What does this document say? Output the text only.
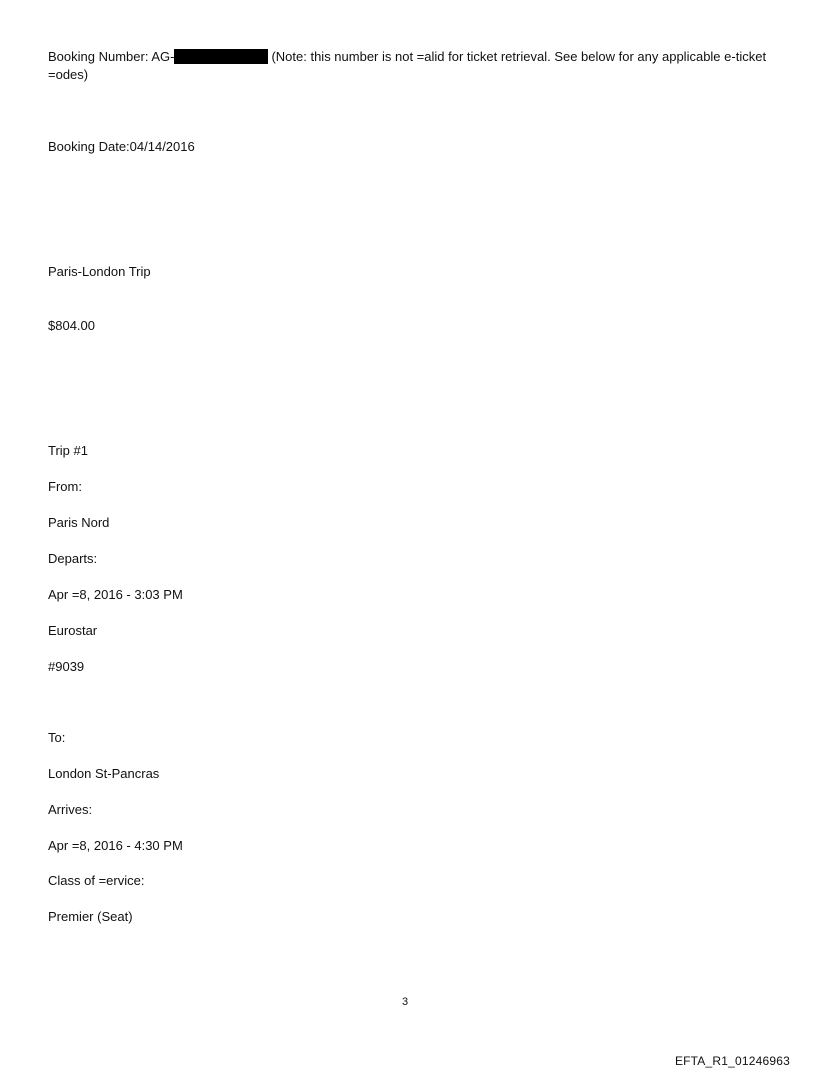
Booking Number: AG-	(Note: this number is not =alid for ticket retrieval. See below for any applicable e-ticket =odes)
Booking Date:04/14/2016
Paris-London Trip
$804.00
Trip #1
From:
Paris Nord
Departs:
Apr =8, 2016 - 3:03 PM
Eurostar
#9039
To:
London St-Pancras
Arrives:
Apr =8, 2016 - 4:30 PM
Class of =ervice:
Premier (Seat)
3
EFTA_R1_01246963
